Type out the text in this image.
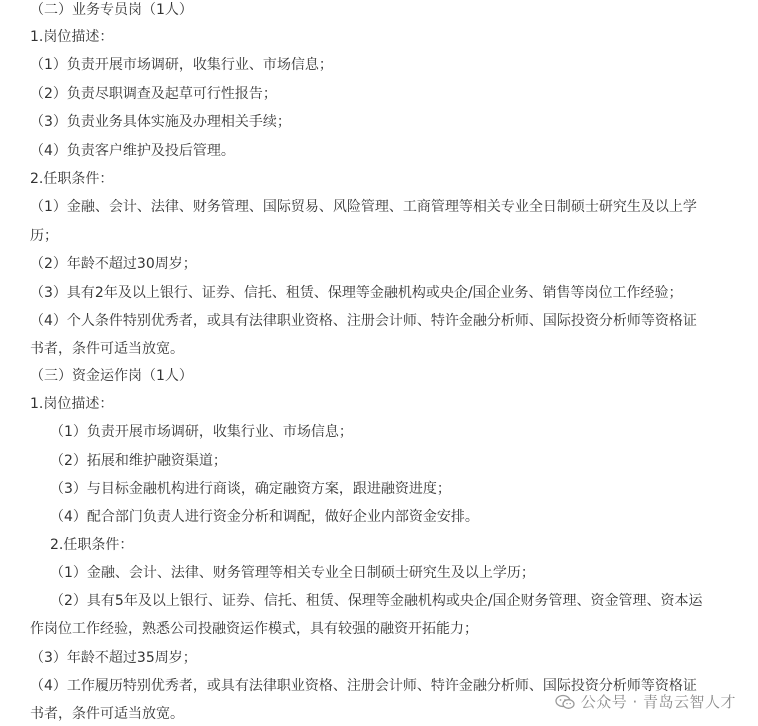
（二）业务专员岗（1人）
1.岗位描述：
（1）负责开展市场调研，收集行业、市场信息；
（2）负责尽职调查及起草可行性报告；
（3）负责业务具体实施及办理相关手续；
（4）负责客户维护及投后管理。
2.任职条件：
（1）金融、会计、法律、财务管理、国际贸易、风险管理、工商管理等相关专业全日制硕士研究生及以上学
历；
（2）年龄不超过30周岁；
（3）具有2年及以上银行、证券、信托、租赁、保理等金融机构或央企/国企业务、销售等岗位工作经验；
（4）个人条件特别优秀者，或具有法律职业资格、注册会计师、特许金融分析师、国际投资分析师等资格证
书者，条件可适当放宽。
（三）资金运作岗（1人）
1.岗位描述：
（1）负责开展市场调研，收集行业、市场信息；
（2）拓展和维护融资渠道；
（3）与目标金融机构进行商谈，确定融资方案，跟进融资进度；
（4）配合部门负责人进行资金分析和调配，做好企业内部资金安排。
2.任职条件：
（1）金融、会计、法律、财务管理等相关专业全日制硕士研究生及以上学历；
（2）具有5年及以上银行、证券、信托、租赁、保理等金融机构或央企/国企财务管理、资金管理、资本运
作岗位工作经验，熟悉公司投融资运作模式，具有较强的融资开拓能力；
（3）年龄不超过35周岁；
（4）工作履历特别优秀者，或具有法律职业资格、注册会计师、特许金融分析师、国际投资分析师等资格证
书者，条件可适当放宽。
公众号 · 青岛云智人才
